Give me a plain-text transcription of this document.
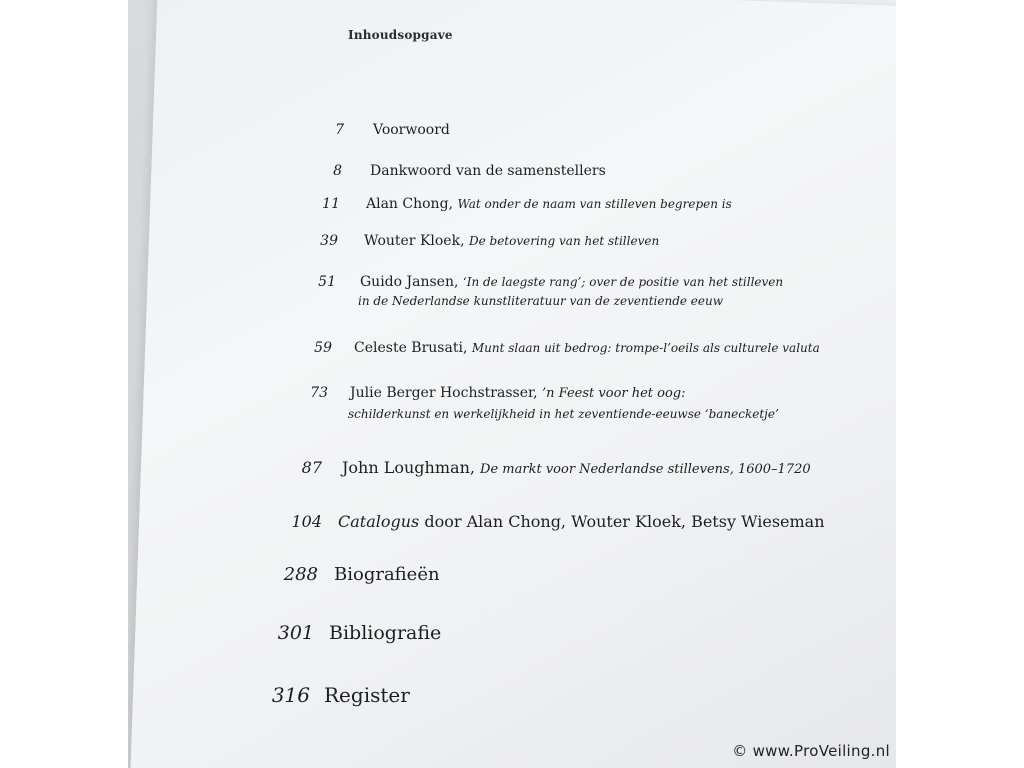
Inhoudsopgave
7 Voorwoord
8 Dankwoord van de samenstellers
11 Alan Chong, Wat onder de naam van stilleven begrepen is
39 Wouter Kloek, De betovering van het stilleven
51 Guido Jansen, ‘In de laegste rang’; over de positie van het stilleven
in de Nederlandse kunstliteratuur van de zeventiende eeuw
59 Celeste Brusati, Munt slaan uit bedrog: trompe-l’oeils als culturele valuta
73 Julie Berger Hochstrasser, ’n Feest voor het oog:
schilderkunst en werkelijkheid in het zeventiende-eeuwse ‘banecketje’
87 John Loughman, De markt voor Nederlandse stillevens, 1600–1720
104 Catalogus door Alan Chong, Wouter Kloek, Betsy Wieseman
288 Biografieën
301 Bibliografie
316 Register
© www.ProVeiling.nl
